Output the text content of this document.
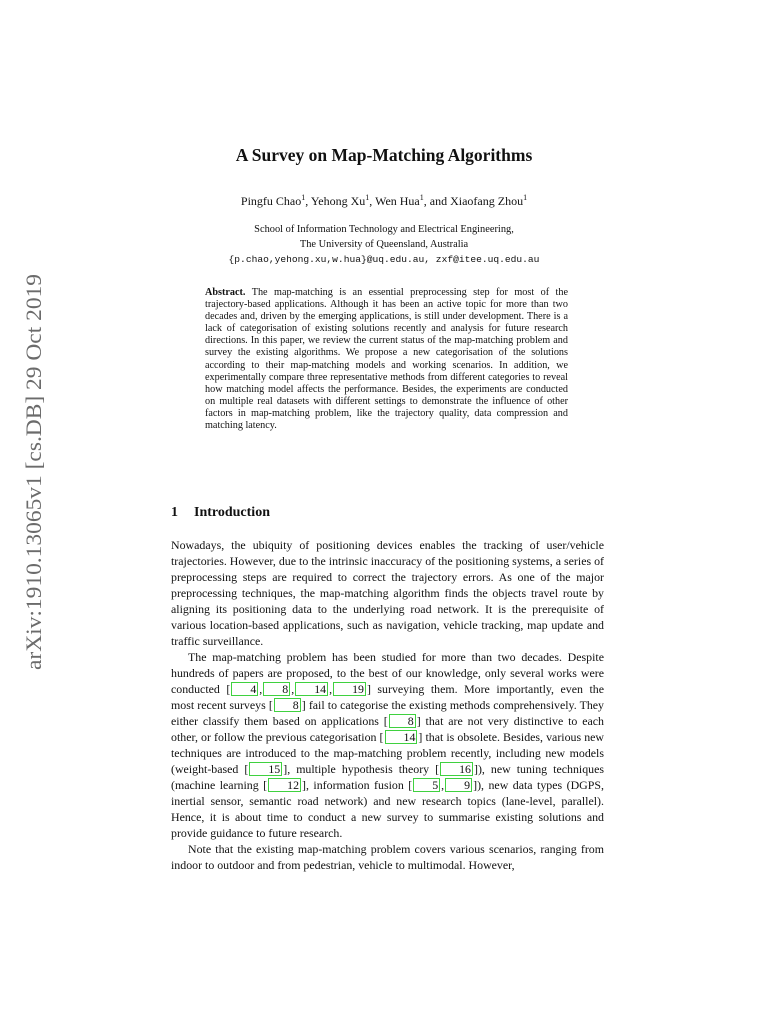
arXiv:1910.13065v1 [cs.DB] 29 Oct 2019
A Survey on Map-Matching Algorithms
Pingfu Chao$^1$, Yehong Xu$^1$, Wen Hua$^1$, and Xiaofang Zhou$^1$
School of Information Technology and Electrical Engineering,
The University of Queensland, Australia
{p.chao,yehong.xu,w.hua}@uq.edu.au, zxf@itee.uq.edu.au

Abstract. The map-matching is an essential preprocessing step for most of the trajectory-based applications. Although it has been an active topic for more than two decades and, driven by the emerging applications, is still under development. There is a lack of categorisation of existing solutions recently and analysis for future research directions. In this paper, we review the current status of the map-matching problem and survey the existing algorithms. We propose a new categorisation of the solutions according to their map-matching models and working scenarios. In addition, we experimentally compare three representative methods from different categories to reveal how matching model affects the performance. Besides, the experiments are conducted on multiple real datasets with different settings to demonstrate the influence of other factors in map-matching problem, like the trajectory quality, data compression and matching latency.

1 Introduction

Nowadays, the ubiquity of positioning devices enables the tracking of user/vehicle trajectories. However, due to the intrinsic inaccuracy of the positioning systems, a series of preprocessing steps are required to correct the trajectory errors. As one of the major preprocessing techniques, the map-matching algorithm finds the objects travel route by aligning its positioning data to the underlying road network. It is the prerequisite of various location-based applications, such as navigation, vehicle tracking, map update and traffic surveillance.

The map-matching problem has been studied for more than two decades. Despite hundreds of papers are proposed, to the best of our knowledge, only several works were conducted [ 4 , 8 , 14 , 19 ] surveying them. More importantly, even the most recent surveys [ 8 ] fail to categorise the existing methods comprehensively. They either classify them based on applications [ 8 ] that are not very distinctive to each other, or follow the previous categorisation [ 14 ] that is obsolete. Besides, various new techniques are introduced to the map-matching problem recently, including new models (weight-based [ 15 ], multiple hypothesis theory [ 16 ]), new tuning techniques (machine learning [ 12 ], information fusion [ 5 , 9 ]), new data types (DGPS, inertial sensor, semantic road network) and new research topics (lane-level, parallel). Hence, it is about time to conduct a new survey to summarise existing solutions and provide guidance to future research.

Note that the existing map-matching problem covers various scenarios, ranging from indoor to outdoor and from pedestrian, vehicle to multimodal. However,
